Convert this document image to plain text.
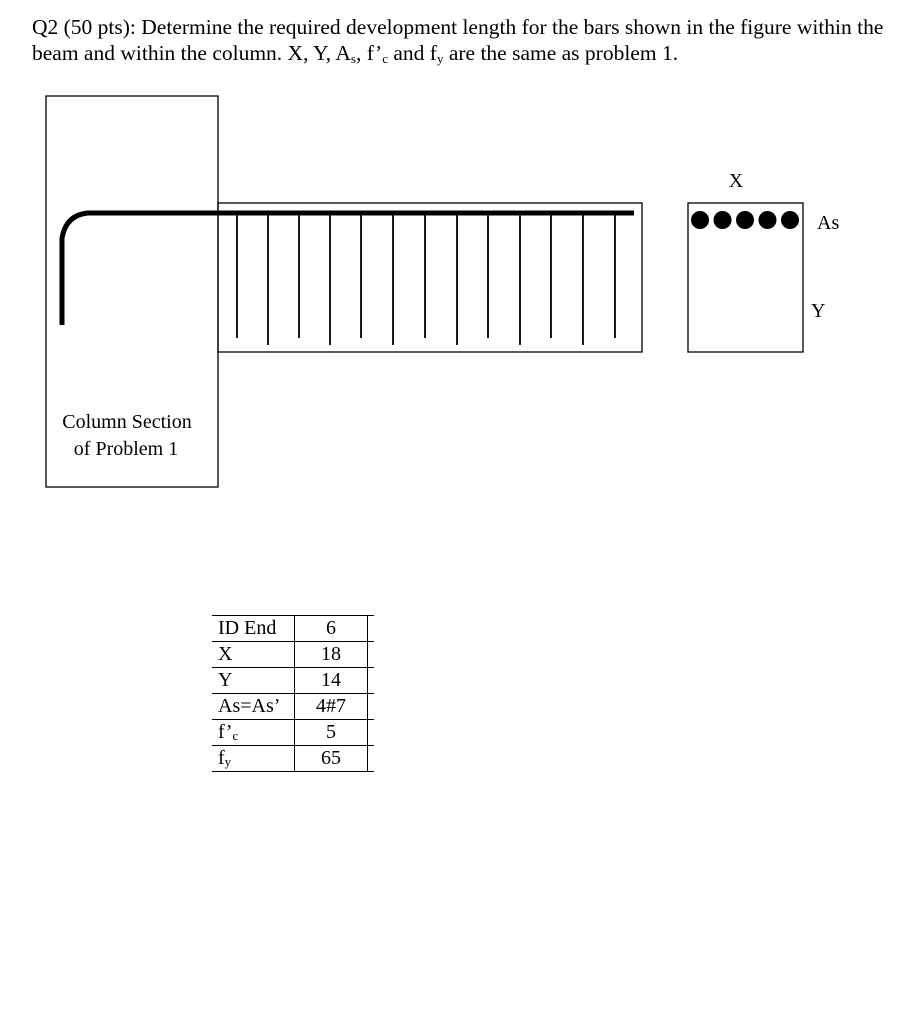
Q2 (50 pts): Determine the required development length for the bars shown in the figure within the beam and within the column. X, Y, $A_s$, $f’_c$ and $f_y$ are the same as problem 1.

Column Section
of Problem 1
X
As
Y
ID End	6	
X	18	
Y	14	
As=As’	4#7	
$f’_c$	5	
$f_y$	65	
